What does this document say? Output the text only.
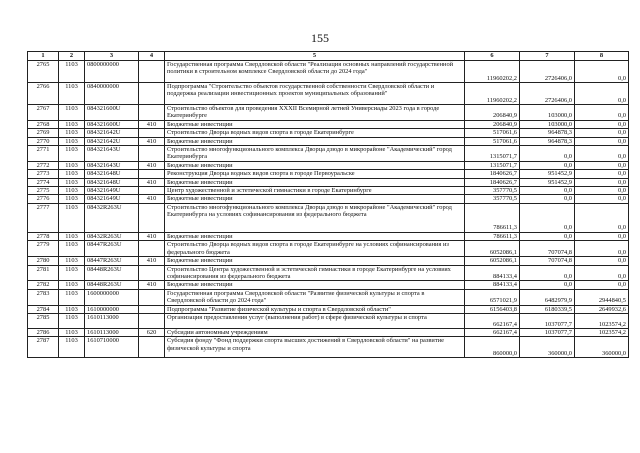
155
1	2	3	4	5	6	7	8
2765	1103	0800000000		Государственная программа Свердловской области "Реализация основных направлений государственной политики в строительном комплексе Свердловской области до 2024 года"	11960202,2	2726406,0	0,0
2766	1103	0840000000		Подпрограмма "Строительство объектов государственной собственности Свердловской области и поддержка реализации инвестиционных проектов муниципальных образований"	11960202,2	2726406,0	0,0
2767	1103	084321600U		Строительство объектов для проведения XXXII Всемирной летней Универсиады 2023 года в городе Екатеринбурге	206840,9	103000,0	0,0
2768	1103	084321600U	410	Бюджетные инвестиции	206840,9	103000,0	0,0
2769	1103	084321642U		Строительство Дворца водных видов спорта в городе Екатеринбурге	517061,6	964878,3	0,0
2770	1103	084321642U	410	Бюджетные инвестиции	517061,6	964878,3	0,0
2771	1103	084321643U		Строительство многофункционального комплекса Дворца дзюдо в микрорайоне "Академический" город Екатеринбурга	1315071,7	0,0	0,0
2772	1103	084321643U	410	Бюджетные инвестиции	1315071,7	0,0	0,0
2773	1103	084321648U		Реконструкция Дворца водных видов спорта в городе Первоуральске	1840626,7	951452,9	0,0
2774	1103	084321648U	410	Бюджетные инвестиции	1840626,7	951452,9	0,0
2775	1103	084321649U		Центр художественной и эстетической гимнастики в городе Екатеринбурге	357770,5	0,0	0,0
2776	1103	084321649U	410	Бюджетные инвестиции	357770,5	0,0	0,0
2777	1103	08432R263U		Строительство многофункционального комплекса Дворца дзюдо в микрорайоне "Академический" город Екатеринбурга на условиях софинансирования из федерального бюджета	786611,3	0,0	0,0
2778	1103	08432R263U	410	Бюджетные инвестиции	786611,3	0,0	0,0
2779	1103	08447R263U		Строительство Дворца водных видов спорта в городе Екатеринбурге на условиях софинансирования из федерального бюджета	6052086,1	707074,8	0,0
2780	1103	08447R263U	410	Бюджетные инвестиции	6052086,1	707074,8	0,0
2781	1103	08448R263U		Строительство Центра художественной и эстетической гимнастики в городе Екатеринбурге на условиях софинансирования из федерального бюджета	884133,4	0,0	0,0
2782	1103	08448R263U	410	Бюджетные инвестиции	884133,4	0,0	0,0
2783	1103	1600000000		Государственная программа Свердловской области "Развитие физической культуры и спорта в Свердловской области до 2024 года"	6571021,9	6482979,9	2944840,5
2784	1103	1610000000		Подпрограмма "Развитие физической культуры и спорта в Свердловской области"	6156403,8	6180339,5	2649932,6
2785	1103	1610113000		Организация предоставления услуг (выполнения работ) в сфере физической культуры и спорта	662167,4	1037077,7	1023574,2
2786	1103	1610113000	620	Субсидии автономным учреждениям	662167,4	1037077,7	1023574,2
2787	1103	1610710000		Субсидия фонду "Фонд поддержки спорта высших достижений в Свердловской области" на развитие физической культуры и спорта	860000,0	360000,0	360000,0
